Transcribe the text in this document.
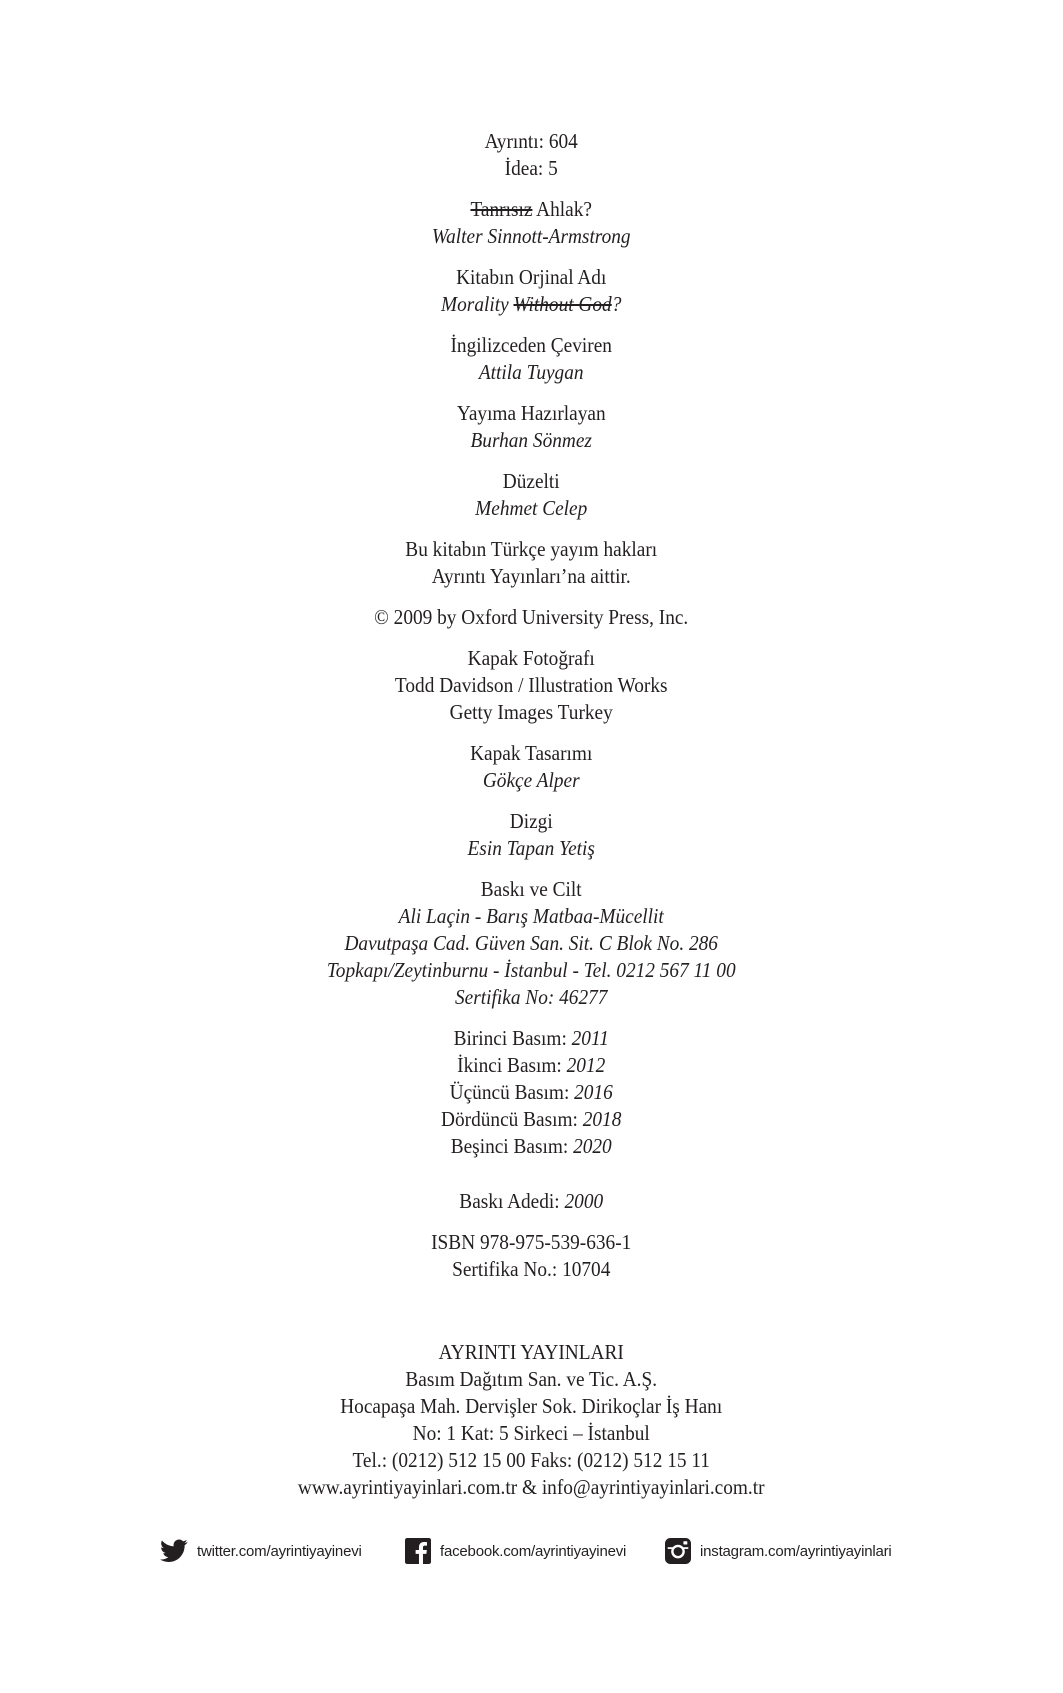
Ayrıntı: 604
İdea: 5
Tanrısız Ahlak?
Walter Sinnott-Armstrong
Kitabın Orjinal Adı
Morality Without God?
İngilizceden Çeviren
Attila Tuygan
Yayıma Hazırlayan
Burhan Sönmez
Düzelti
Mehmet Celep
Bu kitabın Türkçe yayım hakları
Ayrıntı Yayınları’na aittir.
© 2009 by Oxford University Press, Inc.
Kapak Fotoğrafı
Todd Davidson / Illustration Works
Getty Images Turkey
Kapak Tasarımı
Gökçe Alper
Dizgi
Esin Tapan Yetiş
Baskı ve Cilt
Ali Laçin - Barış Matbaa-Mücellit
Davutpaşa Cad. Güven San. Sit. C Blok No. 286
Topkapı/Zeytinburnu - İstanbul - Tel. 0212 567 11 00
Sertifika No: 46277
Birinci Basım: 2011
İkinci Basım: 2012
Üçüncü Basım: 2016
Dördüncü Basım: 2018
Beşinci Basım: 2020
Baskı Adedi: 2000
ISBN 978-975-539-636-1
Sertifika No.: 10704
AYRINTI YAYINLARI
Basım Dağıtım San. ve Tic. A.Ş.
Hocapaşa Mah. Dervişler Sok. Dirikoçlar İş Hanı
No: 1 Kat: 5 Sirkeci – İstanbul
Tel.: (0212) 512 15 00 Faks: (0212) 512 15 11
www.ayrintiyayinlari.com.tr & info@ayrintiyayinlari.com.tr
twitter.com/ayrintiyayinevi	facebook.com/ayrintiyayinevi	instagram.com/ayrintiyayinlari
